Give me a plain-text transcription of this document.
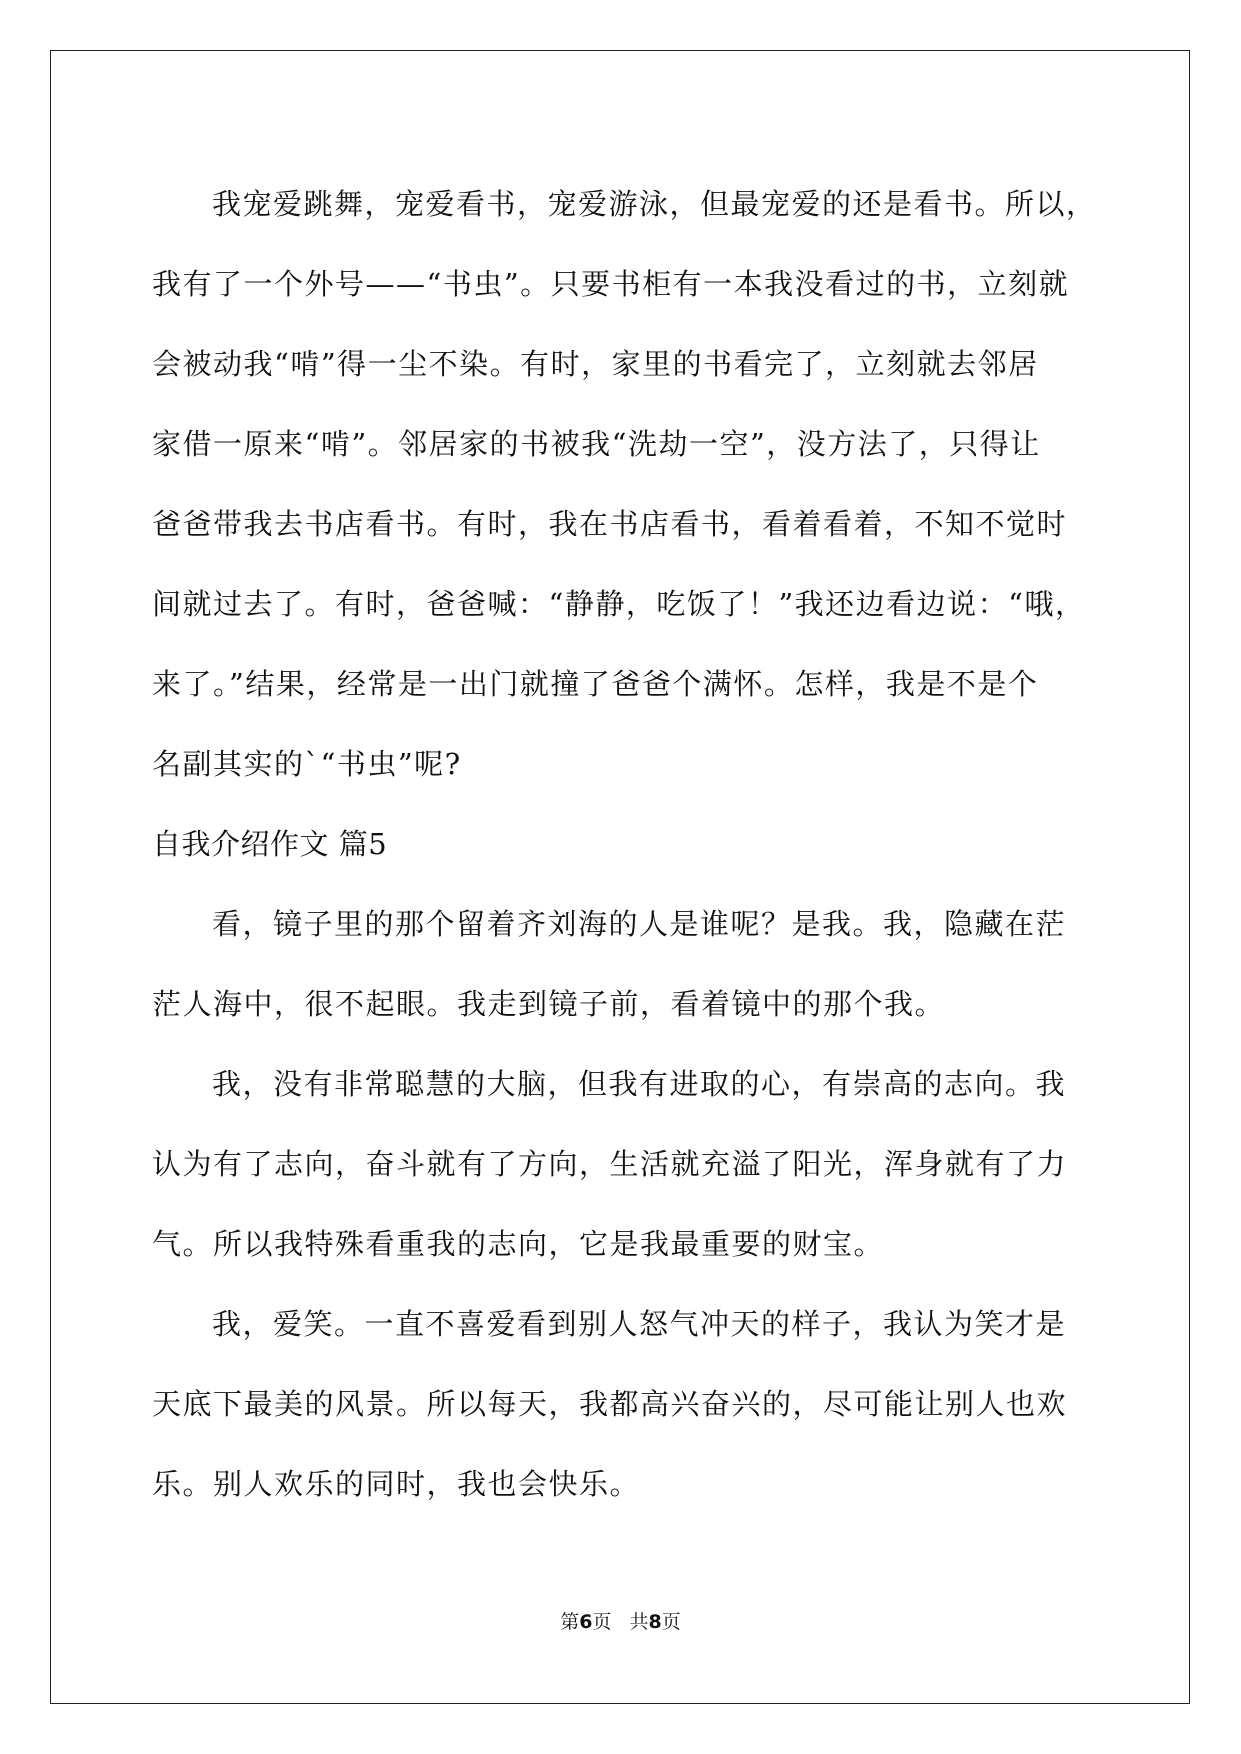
我宠爱跳舞，宠爱看书，宠爱游泳，但最宠爱的还是看书。所以，
我有了一个外号——“书虫”。只要书柜有一本我没看过的书，立刻就
会被动我“啃”得一尘不染。有时，家里的书看完了，立刻就去邻居
家借一原来“啃”。邻居家的书被我“洗劫一空”，没方法了，只得让
爸爸带我去书店看书。有时，我在书店看书，看着看着，不知不觉时
间就过去了。有时，爸爸喊：“静静，吃饭了！”我还边看边说：“哦，
来了。”结果，经常是一出门就撞了爸爸个满怀。怎样，我是不是个
名副其实的`“书虫”呢?
自我介绍作文 篇5
看，镜子里的那个留着齐刘海的人是谁呢？是我。我，隐藏在茫
茫人海中，很不起眼。我走到镜子前，看着镜中的那个我。
我，没有非常聪慧的大脑，但我有进取的心，有崇高的志向。我
认为有了志向，奋斗就有了方向，生活就充溢了阳光，浑身就有了力
气。所以我特殊看重我的志向，它是我最重要的财宝。
我，爱笑。一直不喜爱看到别人怒气冲天的样子，我认为笑才是
天底下最美的风景。所以每天，我都高兴奋兴的，尽可能让别人也欢
乐。别人欢乐的同时，我也会快乐。
第6页 共8页
